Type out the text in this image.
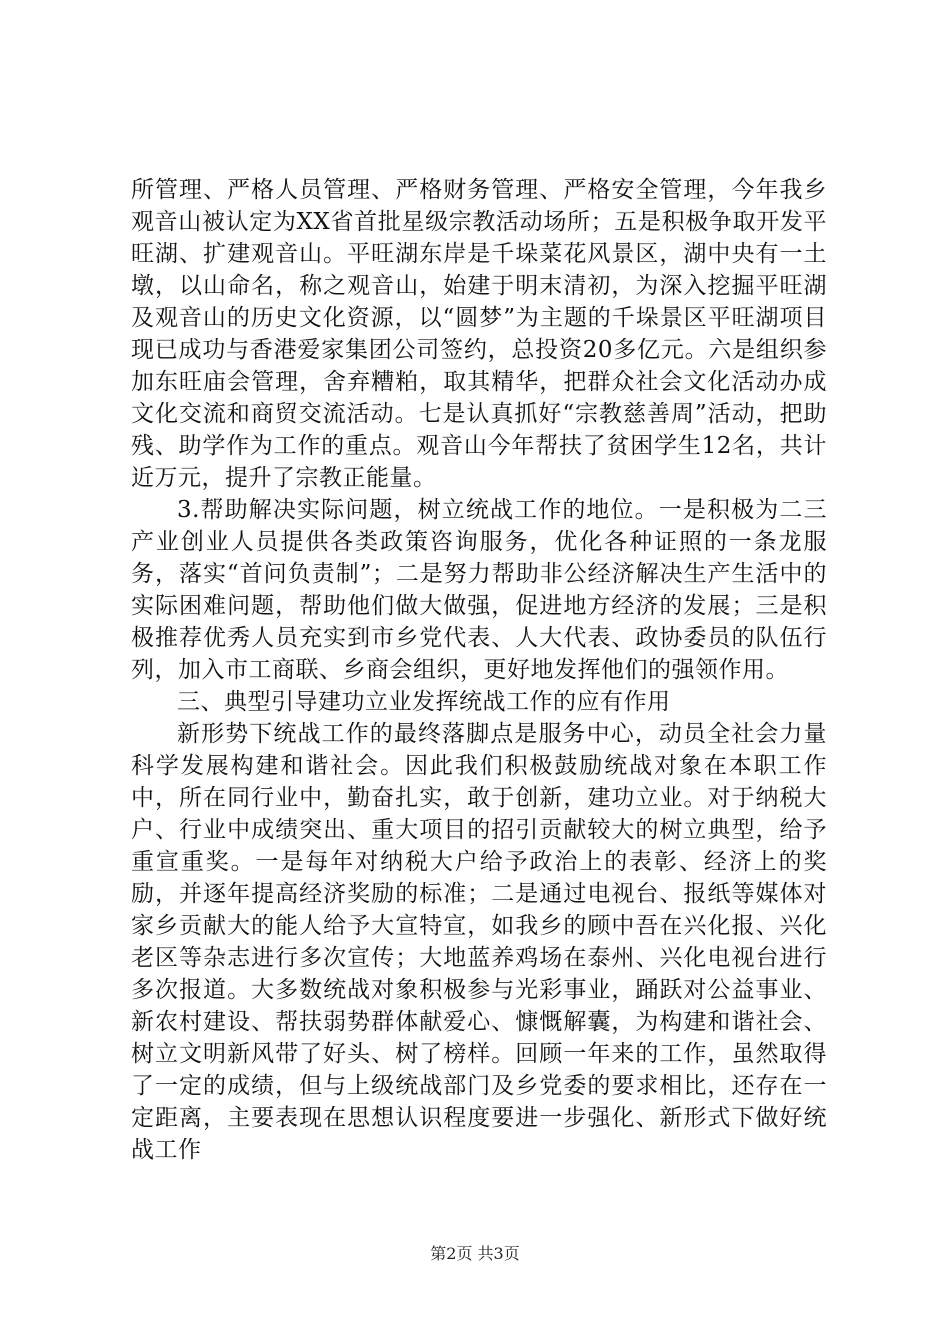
所管理、严格人员管理、严格财务管理、严格安全管理，今年我乡观音山被认定为XX省首批星级宗教活动场所；五是积极争取开发平旺湖、扩建观音山。平旺湖东岸是千垛菜花风景区，湖中央有一土墩，以山命名，称之观音山，始建于明末清初，为深入挖掘平旺湖及观音山的历史文化资源，以“圆梦”为主题的千垛景区平旺湖项目现已成功与香港爱家集团公司签约，总投资20多亿元。六是组织参加东旺庙会管理，舍弃糟粕，取其精华，把群众社会文化活动办成文化交流和商贸交流活动。七是认真抓好“宗教慈善周”活动，把助残、助学作为工作的重点。观音山今年帮扶了贫困学生12名，共计近万元，提升了宗教正能量。

3.帮助解决实际问题，树立统战工作的地位。一是积极为二三产业创业人员提供各类政策咨询服务，优化各种证照的一条龙服务，落实“首问负责制”；二是努力帮助非公经济解决生产生活中的实际困难问题，帮助他们做大做强，促进地方经济的发展；三是积极推荐优秀人员充实到市乡党代表、人大代表、政协委员的队伍行列，加入市工商联、乡商会组织，更好地发挥他们的强领作用。

三、典型引导建功立业发挥统战工作的应有作用

新形势下统战工作的最终落脚点是服务中心，动员全社会力量科学发展构建和谐社会。因此我们积极鼓励统战对象在本职工作中，所在同行业中，勤奋扎实，敢于创新，建功立业。对于纳税大户、行业中成绩突出、重大项目的招引贡献较大的树立典型，给予重宣重奖。一是每年对纳税大户给予政治上的表彰、经济上的奖励，并逐年提高经济奖励的标准；二是通过电视台、报纸等媒体对家乡贡献大的能人给予大宣特宣，如我乡的顾中吾在兴化报、兴化老区等杂志进行多次宣传；大地蓝养鸡场在泰州、兴化电视台进行多次报道。大多数统战对象积极参与光彩事业，踊跃对公益事业、新农村建设、帮扶弱势群体献爱心、慷慨解囊，为构建和谐社会、树立文明新风带了好头、树了榜样。回顾一年来的工作，虽然取得了一定的成绩，但与上级统战部门及乡党委的要求相比，还存在一定距离，主要表现在思想认识程度要进一步强化、新形式下做好统战工作

第2页 共3页
